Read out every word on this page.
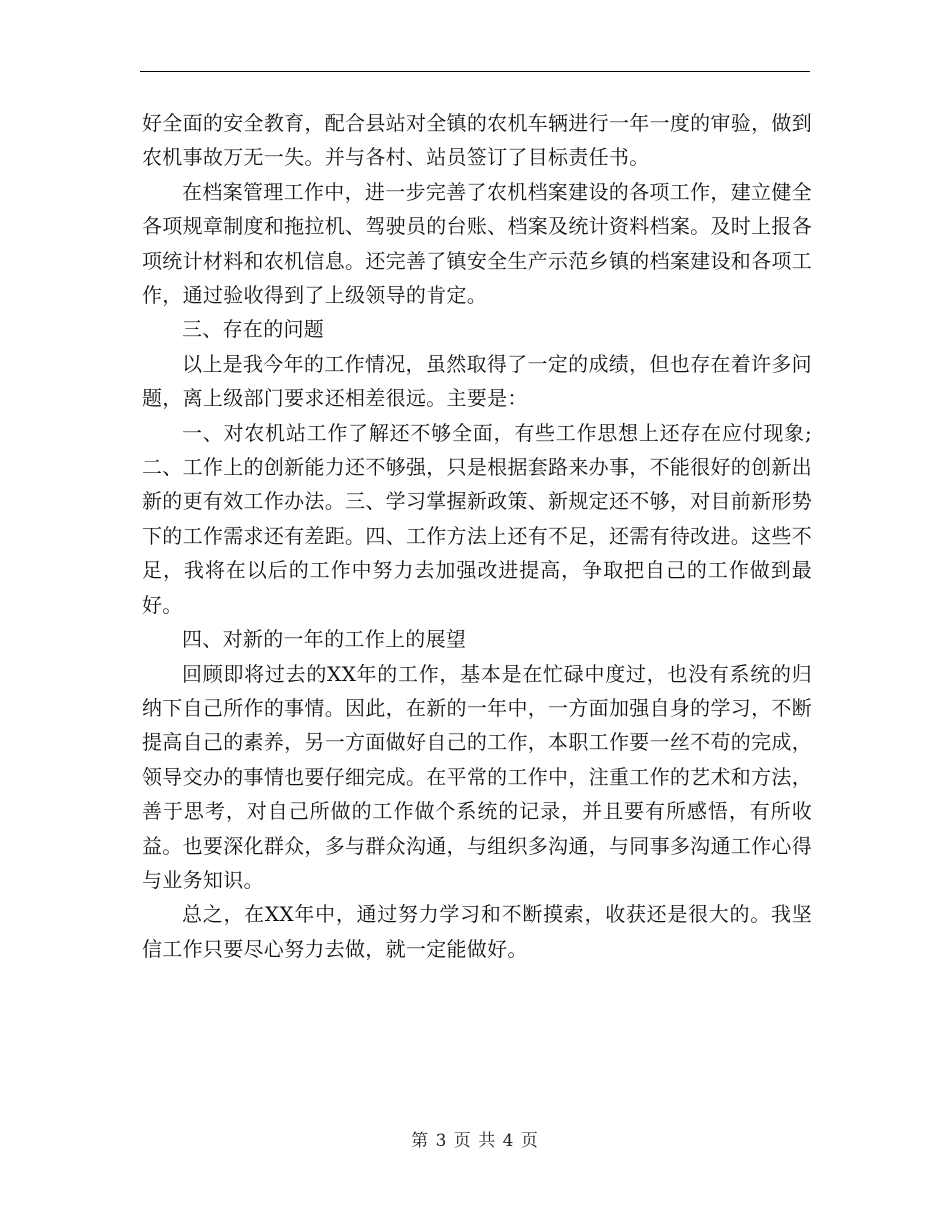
好全面的安全教育，配合县站对全镇的农机车辆进行一年一度的审验，做到农机事故万无一失。并与各村、站员签订了目标责任书。

在档案管理工作中，进一步完善了农机档案建设的各项工作，建立健全各项规章制度和拖拉机、驾驶员的台账、档案及统计资料档案。及时上报各项统计材料和农机信息。还完善了镇安全生产示范乡镇的档案建设和各项工作，通过验收得到了上级领导的肯定。

三、存在的问题

以上是我今年的工作情况，虽然取得了一定的成绩，但也存在着许多问题，离上级部门要求还相差很远。主要是：

一、对农机站工作了解还不够全面，有些工作思想上还存在应付现象;二、工作上的创新能力还不够强，只是根据套路来办事，不能很好的创新出新的更有效工作办法。三、学习掌握新政策、新规定还不够，对目前新形势下的工作需求还有差距。四、工作方法上还有不足，还需有待改进。这些不足，我将在以后的工作中努力去加强改进提高，争取把自己的工作做到最好。

四、对新的一年的工作上的展望

回顾即将过去的XX年的工作，基本是在忙碌中度过，也没有系统的归纳下自己所作的事情。因此，在新的一年中，一方面加强自身的学习，不断提高自己的素养，另一方面做好自己的工作，本职工作要一丝不苟的完成，领导交办的事情也要仔细完成。在平常的工作中，注重工作的艺术和方法，善于思考，对自己所做的工作做个系统的记录，并且要有所感悟，有所收益。也要深化群众，多与群众沟通，与组织多沟通，与同事多沟通工作心得与业务知识。

总之，在XX年中，通过努力学习和不断摸索，收获还是很大的。我坚信工作只要尽心努力去做，就一定能做好。

第 3 页 共 4 页
